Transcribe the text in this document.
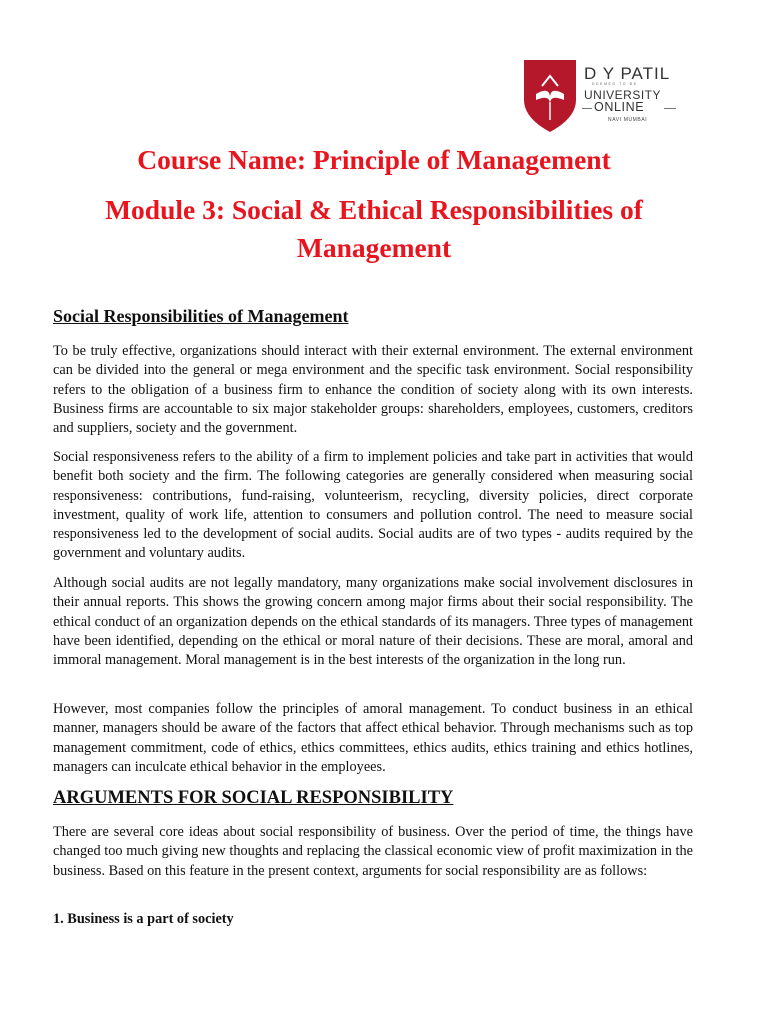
D Y PATIL
DEEMED TO BE
UNIVERSITY
ONLINE
NAVI MUMBAI
Course Name: Principle of Management
Module 3: Social & Ethical Responsibilities of Management
Social Responsibilities of Management

To be truly effective, organizations should interact with their external environment. The external environment can be divided into the general or mega environment and the specific task environment. Social responsibility refers to the obligation of a business firm to enhance the condition of society along with its own interests. Business firms are accountable to six major stakeholder groups: shareholders, employees, customers, creditors and suppliers, society and the government.

Social responsiveness refers to the ability of a firm to implement policies and take part in activities that would benefit both society and the firm. The following categories are generally considered when measuring social responsiveness: contributions, fund-raising, volunteerism, recycling, diversity policies, direct corporate investment, quality of work life, attention to consumers and pollution control. The need to measure social responsiveness led to the development of social audits. Social audits are of two types - audits required by the government and voluntary audits.

Although social audits are not legally mandatory, many organizations make social involvement disclosures in their annual reports. This shows the growing concern among major firms about their social responsibility. The ethical conduct of an organization depends on the ethical standards of its managers. Three types of management have been identified, depending on the ethical or moral nature of their decisions. These are moral, amoral and immoral management. Moral management is in the best interests of the organization in the long run.

However, most companies follow the principles of amoral management. To conduct business in an ethical manner, managers should be aware of the factors that affect ethical behavior. Through mechanisms such as top management commitment, code of ethics, ethics committees, ethics audits, ethics training and ethics hotlines, managers can inculcate ethical behavior in the employees.

ARGUMENTS FOR SOCIAL RESPONSIBILITY

There are several core ideas about social responsibility of business. Over the period of time, the things have changed too much giving new thoughts and replacing the classical economic view of profit maximization in the business. Based on this feature in the present context, arguments for social responsibility are as follows:

1. Business is a part of society
